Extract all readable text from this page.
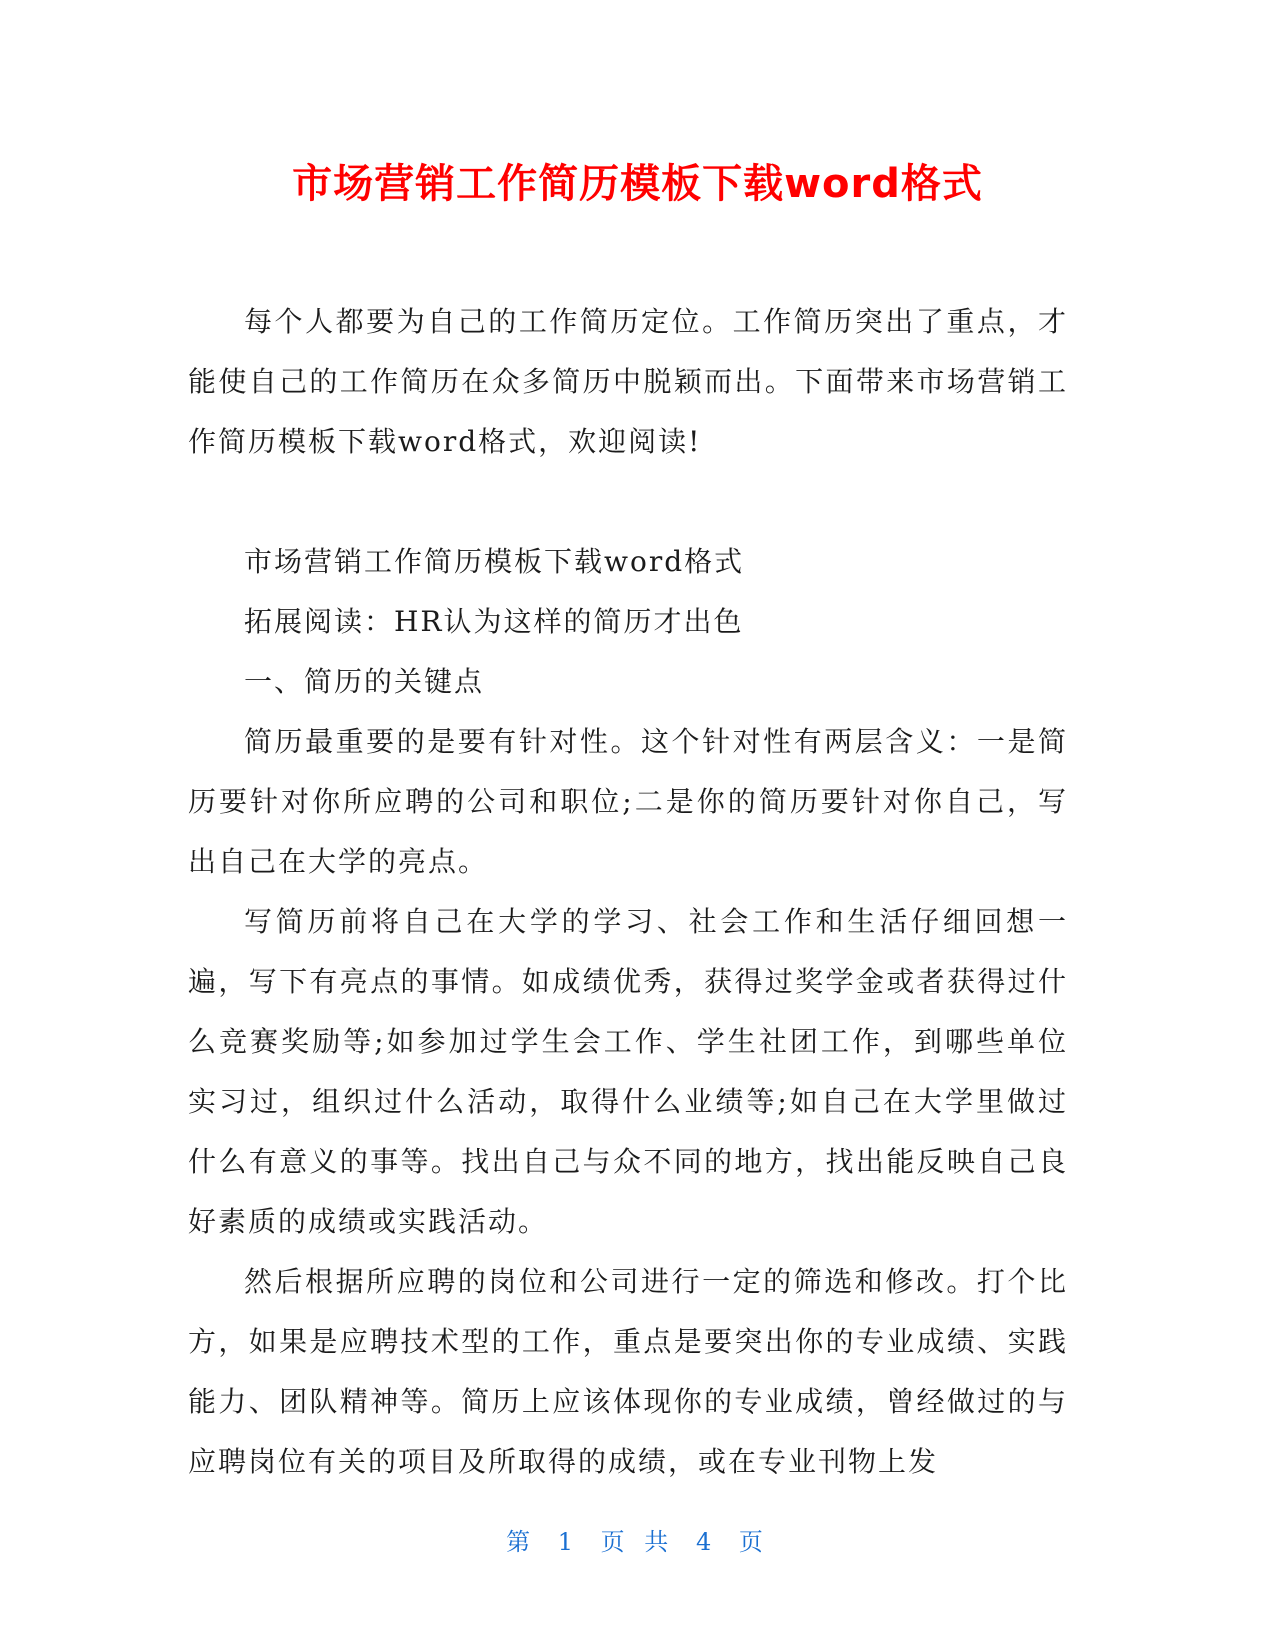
市场营销工作简历模板下载word格式

每个人都要为自己的工作简历定位。工作简历突出了重点，才能使自己的工作简历在众多简历中脱颖而出。下面带来市场营销工作简历模板下载word格式，欢迎阅读!

市场营销工作简历模板下载word格式

拓展阅读：HR认为这样的简历才出色

一、简历的关键点

简历最重要的是要有针对性。这个针对性有两层含义：一是简历要针对你所应聘的公司和职位;二是你的简历要针对你自己，写出自己在大学的亮点。

写简历前将自己在大学的学习、社会工作和生活仔细回想一遍，写下有亮点的事情。如成绩优秀，获得过奖学金或者获得过什么竞赛奖励等;如参加过学生会工作、学生社团工作，到哪些单位实习过，组织过什么活动，取得什么业绩等;如自己在大学里做过什么有意义的事等。找出自己与众不同的地方，找出能反映自己良好素质的成绩或实践活动。

然后根据所应聘的岗位和公司进行一定的筛选和修改。打个比方，如果是应聘技术型的工作，重点是要突出你的专业成绩、实践能力、团队精神等。简历上应该体现你的专业成绩，曾经做过的与应聘岗位有关的项目及所取得的成绩，或在专业刊物上发

第 1 页 共 4 页
